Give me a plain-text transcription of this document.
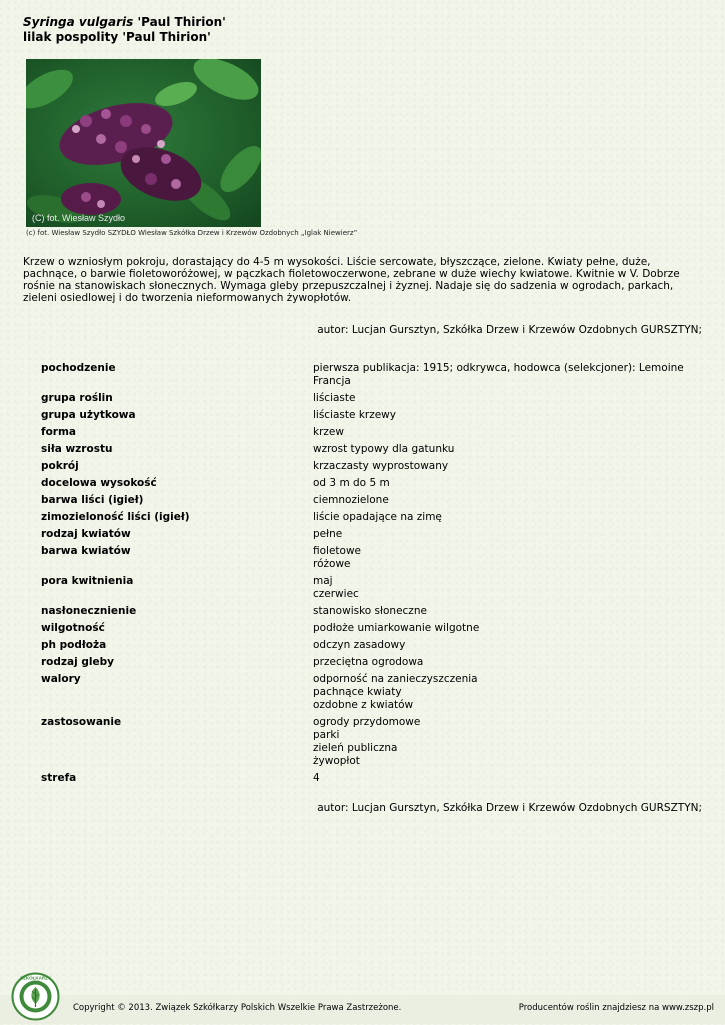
Syringa vulgaris 'Paul Thirion'
lilak pospolity 'Paul Thirion'
(C) fot. Wiesław Szydło
(c) fot. Wiesław Szydło SZYDŁO Wiesław Szkółka Drzew i Krzewów Ozdobnych „Iglak Niewierz”
Krzew o wzniosłym pokroju, dorastający do 4-5 m wysokości. Liście sercowate, błyszczące, zielone. Kwiaty pełne, duże, pachnące, o barwie fioletoworóżowej, w pączkach fioletowoczerwone, zebrane w duże wiechy kwiatowe. Kwitnie w V. Dobrze rośnie na stanowiskach słonecznych. Wymaga gleby przepuszczalnej i żyznej. Nadaje się do sadzenia w ogrodach, parkach, zieleni osiedlowej i do tworzenia nieformowanych żywopłotów.
autor: Lucjan Gursztyn, Szkółka Drzew i Krzewów Ozdobnych GURSZTYN;
pochodzenie	pierwsza publikacja: 1915; odkrywca, hodowca (selekcjoner): Lemoine
Francja
grupa roślin	liściaste
grupa użytkowa	liściaste krzewy
forma	krzew
siła wzrostu	wzrost typowy dla gatunku
pokrój	krzaczasty wyprostowany
docelowa wysokość	od 3 m do 5 m
barwa liści (igieł)	ciemnozielone
zimozieloność liści (igieł)	liście opadające na zimę
rodzaj kwiatów	pełne
barwa kwiatów	fioletowe
różowe
pora kwitnienia	maj
czerwiec
nasłonecznienie	stanowisko słoneczne
wilgotność	podłoże umiarkowanie wilgotne
ph podłoża	odczyn zasadowy
rodzaj gleby	przeciętna ogrodowa
walory	odporność na zanieczyszczenia
pachnące kwiaty
ozdobne z kwiatów
zastosowanie	ogrody przydomowe
parki
zieleń publiczna
żywopłot
strefa	4
autor: Lucjan Gursztyn, Szkółka Drzew i Krzewów Ozdobnych GURSZTYN;
SZKÓŁKARZY
Copyright © 2013. Związek Szkółkarzy Polskich Wszelkie Prawa Zastrzeżone.	Producentów roślin znajdziesz na www.zszp.pl
